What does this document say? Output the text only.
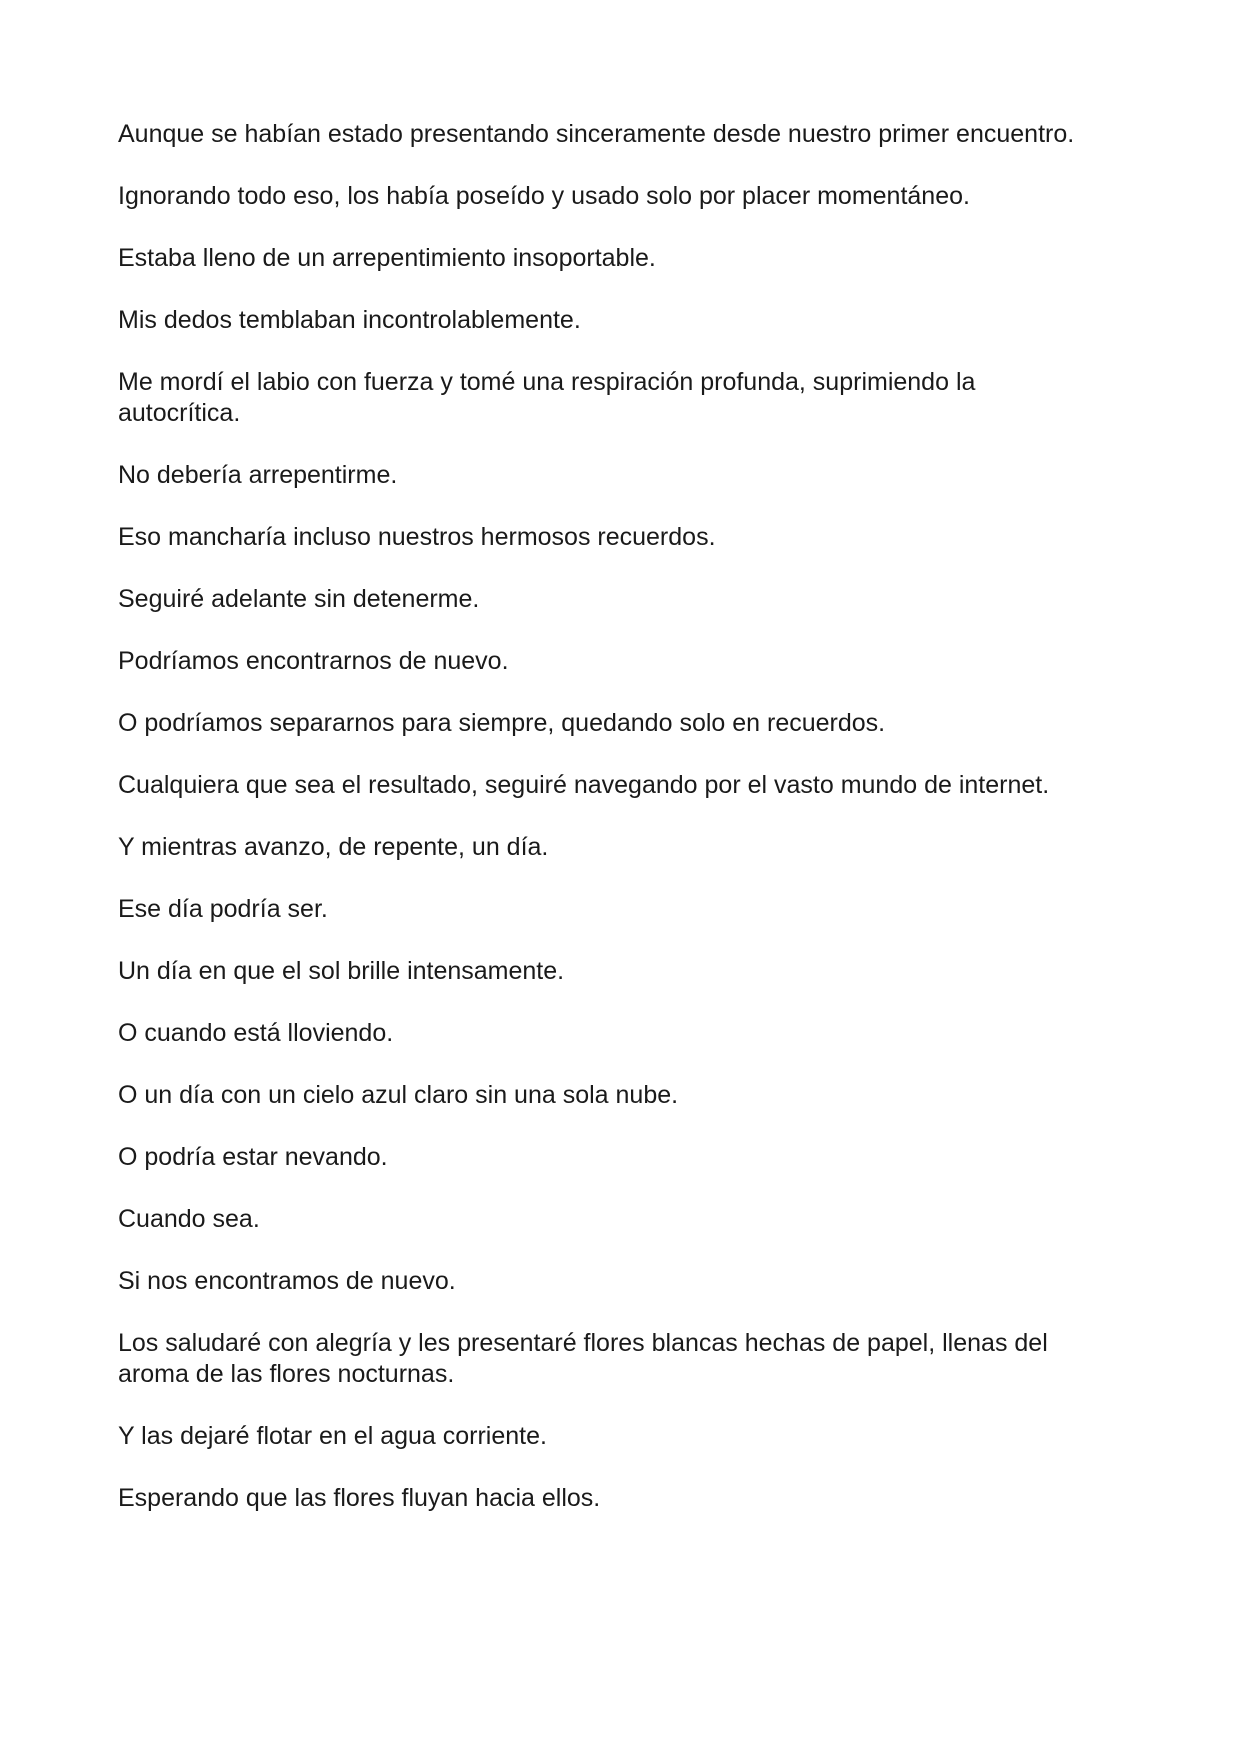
Aunque se habían estado presentando sinceramente desde nuestro primer encuentro.

Ignorando todo eso, los había poseído y usado solo por placer momentáneo.

Estaba lleno de un arrepentimiento insoportable.

Mis dedos temblaban incontrolablemente.

Me mordí el labio con fuerza y tomé una respiración profunda, suprimiendo la autocrítica.

No debería arrepentirme.

Eso mancharía incluso nuestros hermosos recuerdos.

Seguiré adelante sin detenerme.

Podríamos encontrarnos de nuevo.

O podríamos separarnos para siempre, quedando solo en recuerdos.

Cualquiera que sea el resultado, seguiré navegando por el vasto mundo de internet.

Y mientras avanzo, de repente, un día.

Ese día podría ser.

Un día en que el sol brille intensamente.

O cuando está lloviendo.

O un día con un cielo azul claro sin una sola nube.

O podría estar nevando.

Cuando sea.

Si nos encontramos de nuevo.

Los saludaré con alegría y les presentaré flores blancas hechas de papel, llenas del aroma de las flores nocturnas.

Y las dejaré flotar en el agua corriente.

Esperando que las flores fluyan hacia ellos.
